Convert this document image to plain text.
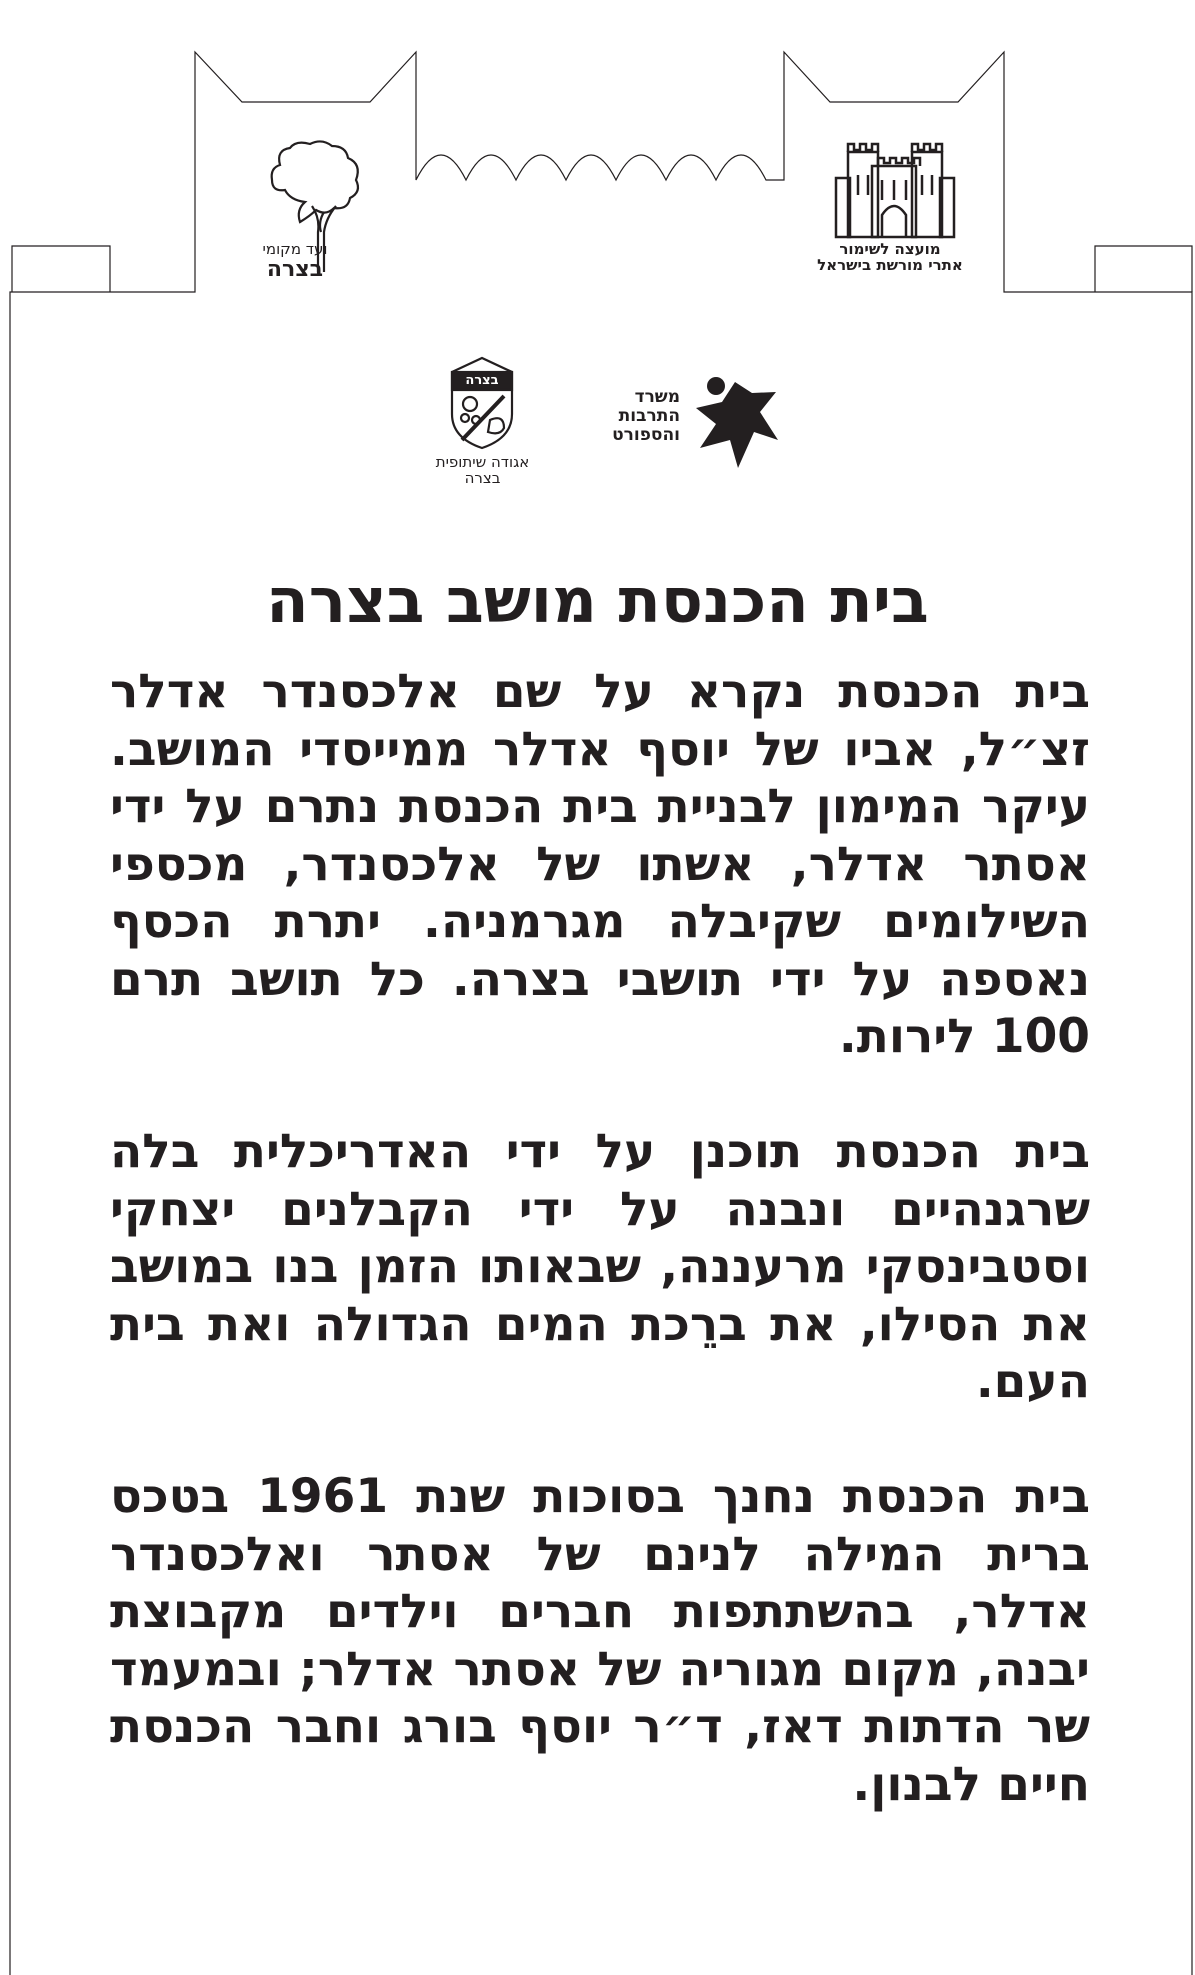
מועצה לשימור
אתרי מורשת בישראל
ועד מקומי
בצרה
משרד
התרבות
והספורט
בצרה
אגודה שיתופית
בצרה
בית הכנסת מושב בצרה

בית הכנסת נקרא על שם אלכסנדר אדלר זצ״ל, אביו של יוסף אדלר ממייסדי המושב. עיקר המימון לבניית בית הכנסת נתרם על ידי אסתר אדלר, אשתו של אלכסנדר, מכספי השילומים שקיבלה מגרמניה. יתרת הכסף נאספה על ידי תושבי בצרה. כל תושב תרם 100 לירות.

בית הכנסת תוכנן על ידי האדריכלית בלה שרגנהיים ונבנה על ידי הקבלנים יצחקי וסטבינסקי מרעננה, שבאותו הזמן בנו במושב את הסילו, את ברֵכת המים הגדולה ואת בית העם.

בית הכנסת נחנך בסוכות שנת 1961 בטכס ברית המילה לנינם של אסתר ואלכסנדר אדלר, בהשתתפות חברים וילדים מקבוצת יבנה, מקום מגוריה של אסתר אדלר; ובמעמד שר הדתות דאז, ד״ר יוסף בורג וחבר הכנסת חיים לבנון.
